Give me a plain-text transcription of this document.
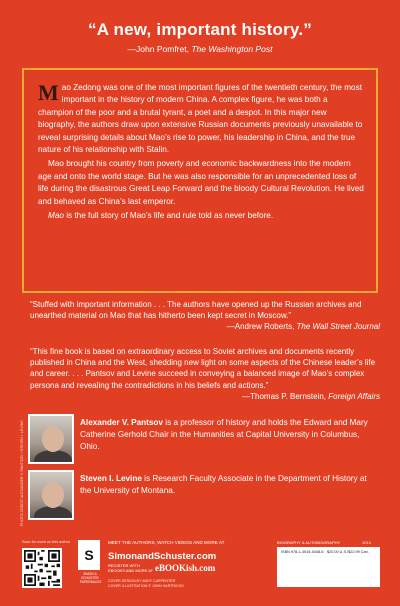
“A new, important history.”
—John Pomfret, The Washington Post

Mao Zedong was one of the most important figures of the twentieth century, the most important in the history of modern China. A complex figure, he was both a champion of the poor and a brutal tyrant, a poet and a despot. In this major new biography, the authors draw upon extensive Russian documents previously unavailable to reveal surprising details about Mao’s rise to power, his leadership in China, and the true nature of his relationship with Stalin.

Mao brought his country from poverty and economic backwardness into the modern age and onto the world stage. But he was also responsible for an unprecedented loss of life during the disastrous Great Leap Forward and the bloody Cultural Revolution. He lived and behaved as China’s last emperor.

Mao is the full story of Mao’s life and rule told as never before.

“Stuffed with important information . . . The authors have opened up the Russian archives and unearthed material on Mao that has hitherto been kept secret in Moscow.”
—Andrew Roberts, The Wall Street Journal
“This fine book is based on extraordinary access to Soviet archives and documents recently published in China and the West, shedding new light on some aspects of the Chinese leader’s life and career. . . . Pantsov and Levine succeed in conveying a balanced image of Mao’s complex persona and revealing the contradictions in his beliefs and actions.”
—Thomas P. Bernstein, Foreign Affairs
PHOTO CREDIT ALEXANDER V. PANTSOV / STEVEN I. LEVINE	Alexander V. Pantsov is a professor of history and holds the Edward and Mary Catherine Gerhold Chair in the Humanities at Capital University in Columbus, Ohio.
Steven I. Levine is Research Faculty Associate in the Department of History at the University of Montana.
Scan for more on this author
S
SIMON & SCHUSTER PAPERBACKS
MEET THE AUTHORS, WATCH VIDEOS AND MORE AT
SimonandSchuster.com
REGISTER WITH EBOOKS AND MORE AT eBOOKish.com
COVER DESIGN BY ANDY CARPENTER
COVER ILLUSTRATION © JOHN HARTRICHS
BIOGRAPHY & AUTOBIOGRAPHY	1013
ISBN 978-1-4516-5448-6 $20.00 U.S./$22.99 Can.
